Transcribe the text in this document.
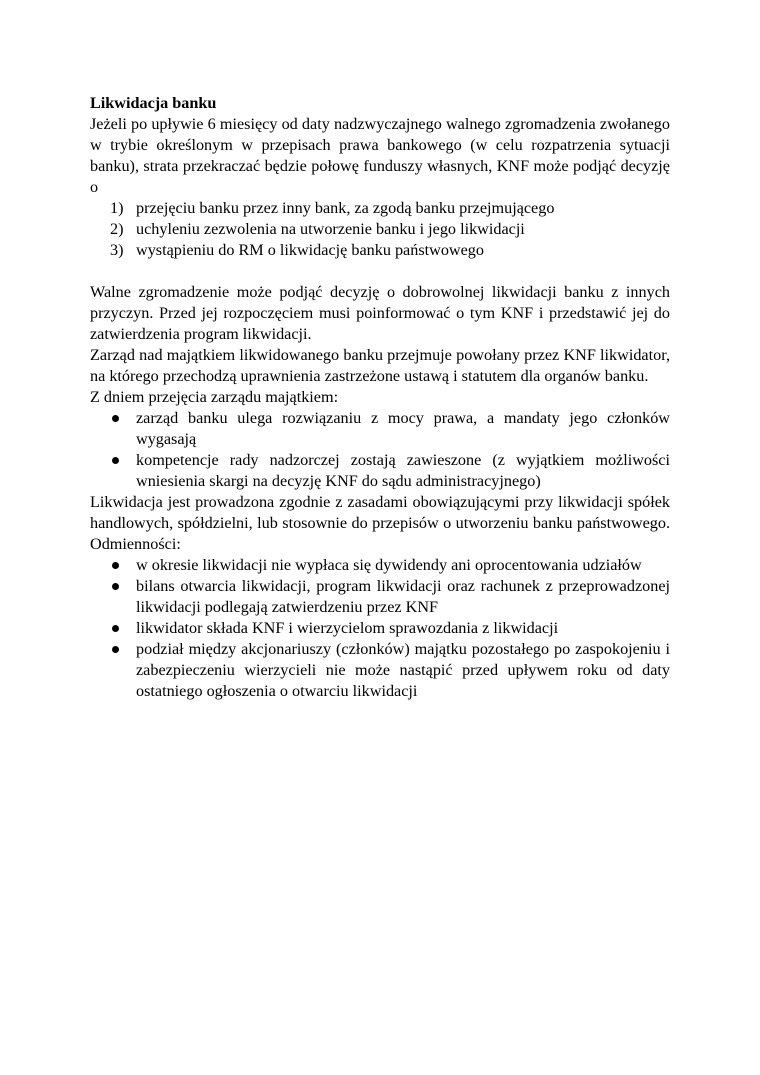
Likwidacja banku

Jeżeli po upływie 6 miesięcy od daty nadzwyczajnego walnego zgromadzenia zwołanego w trybie określonym w przepisach prawa bankowego (w celu rozpatrzenia sytuacji banku), strata przekraczać będzie połowę funduszy własnych, KNF może podjąć decyzję o

1) przejęciu banku przez inny bank, za zgodą banku przejmującego
2) uchyleniu zezwolenia na utworzenie banku i jego likwidacji
3) wystąpieniu do RM o likwidację banku państwowego

Walne zgromadzenie może podjąć decyzję o dobrowolnej likwidacji banku z innych przyczyn. Przed jej rozpoczęciem musi poinformować o tym KNF i przedstawić jej do zatwierdzenia program likwidacji.

Zarząd nad majątkiem likwidowanego banku przejmuje powołany przez KNF likwidator, na którego przechodzą uprawnienia zastrzeżone ustawą i statutem dla organów banku.

Z dniem przejęcia zarządu majątkiem:

zarząd banku ulega rozwiązaniu z mocy prawa, a mandaty jego członków wygasają
kompetencje rady nadzorczej zostają zawieszone (z wyjątkiem możliwości wniesienia skargi na decyzję KNF do sądu administracyjnego)

Likwidacja jest prowadzona zgodnie z zasadami obowiązującymi przy likwidacji spółek handlowych, spółdzielni, lub stosownie do przepisów o utworzeniu banku państwowego. Odmienności:

w okresie likwidacji nie wypłaca się dywidendy ani oprocentowania udziałów
bilans otwarcia likwidacji, program likwidacji oraz rachunek z przeprowadzonej likwidacji podlegają zatwierdzeniu przez KNF
likwidator składa KNF i wierzycielom sprawozdania z likwidacji
podział między akcjonariuszy (członków) majątku pozostałego po zaspokojeniu i zabezpieczeniu wierzycieli nie może nastąpić przed upływem roku od daty ostatniego ogłoszenia o otwarciu likwidacji
